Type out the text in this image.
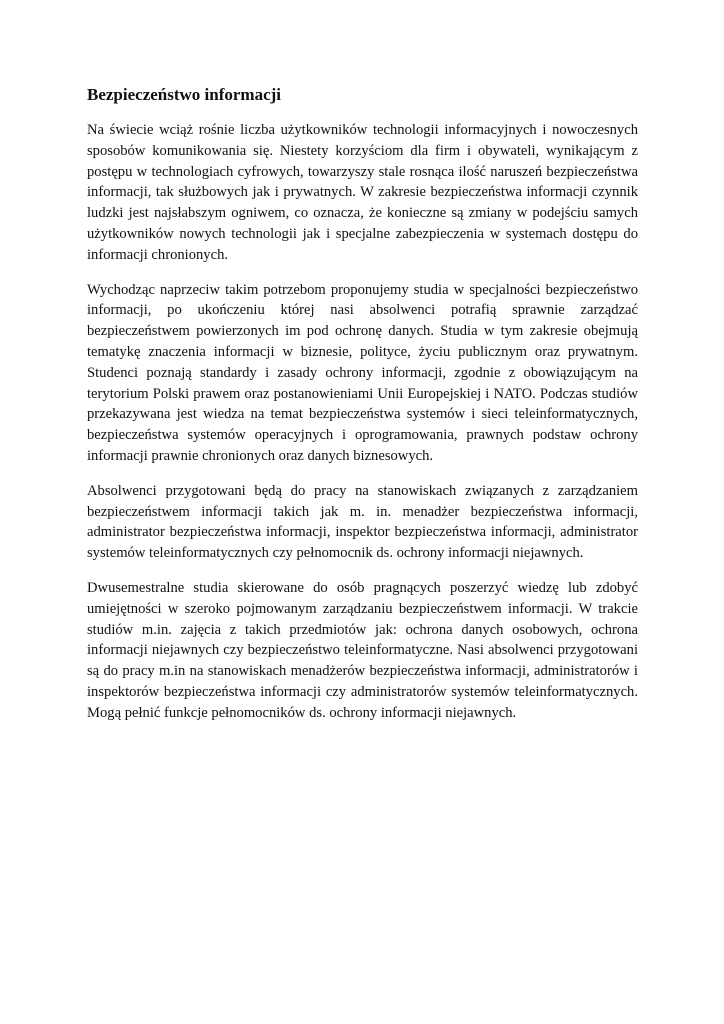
Bezpieczeństwo informacji

Na świecie wciąż rośnie liczba użytkowników technologii informacyjnych i nowoczesnych sposobów komunikowania się. Niestety korzyściom dla firm i obywateli, wynikającym z postępu w technologiach cyfrowych, towarzyszy stale rosnąca ilość naruszeń bezpieczeństwa informacji, tak służbowych jak i prywatnych. W zakresie bezpieczeństwa informacji czynnik ludzki jest najsłabszym ogniwem, co oznacza, że konieczne są zmiany w podejściu samych użytkowników nowych technologii jak i specjalne zabezpieczenia w systemach dostępu do informacji chronionych.

Wychodząc naprzeciw takim potrzebom proponujemy studia w specjalności bezpieczeństwo informacji, po ukończeniu której nasi absolwenci potrafią sprawnie zarządzać bezpieczeństwem powierzonych im pod ochronę danych. Studia w tym zakresie obejmują tematykę znaczenia informacji w biznesie, polityce, życiu publicznym oraz prywatnym. Studenci poznają standardy i zasady ochrony informacji, zgodnie z obowiązującym na terytorium Polski prawem oraz postanowieniami Unii Europejskiej i NATO. Podczas studiów przekazywana jest wiedza na temat bezpieczeństwa systemów i sieci teleinformatycznych, bezpieczeństwa systemów operacyjnych i oprogramowania, prawnych podstaw ochrony informacji prawnie chronionych oraz danych biznesowych.

Absolwenci przygotowani będą do pracy na stanowiskach związanych z zarządzaniem bezpieczeństwem informacji takich jak m. in. menadżer bezpieczeństwa informacji, administrator bezpieczeństwa informacji, inspektor bezpieczeństwa informacji, administrator systemów teleinformatycznych czy pełnomocnik ds. ochrony informacji niejawnych.

Dwusemestralne studia skierowane do osób pragnących poszerzyć wiedzę lub zdobyć umiejętności w szeroko pojmowanym zarządzaniu bezpieczeństwem informacji. W trakcie studiów m.in. zajęcia z takich przedmiotów jak: ochrona danych osobowych, ochrona informacji niejawnych czy bezpieczeństwo teleinformatyczne. Nasi absolwenci przygotowani są do pracy m.in na stanowiskach menadżerów bezpieczeństwa informacji, administratorów i inspektorów bezpieczeństwa informacji czy administratorów systemów teleinformatycznych. Mogą pełnić funkcje pełnomocników ds. ochrony informacji niejawnych.
